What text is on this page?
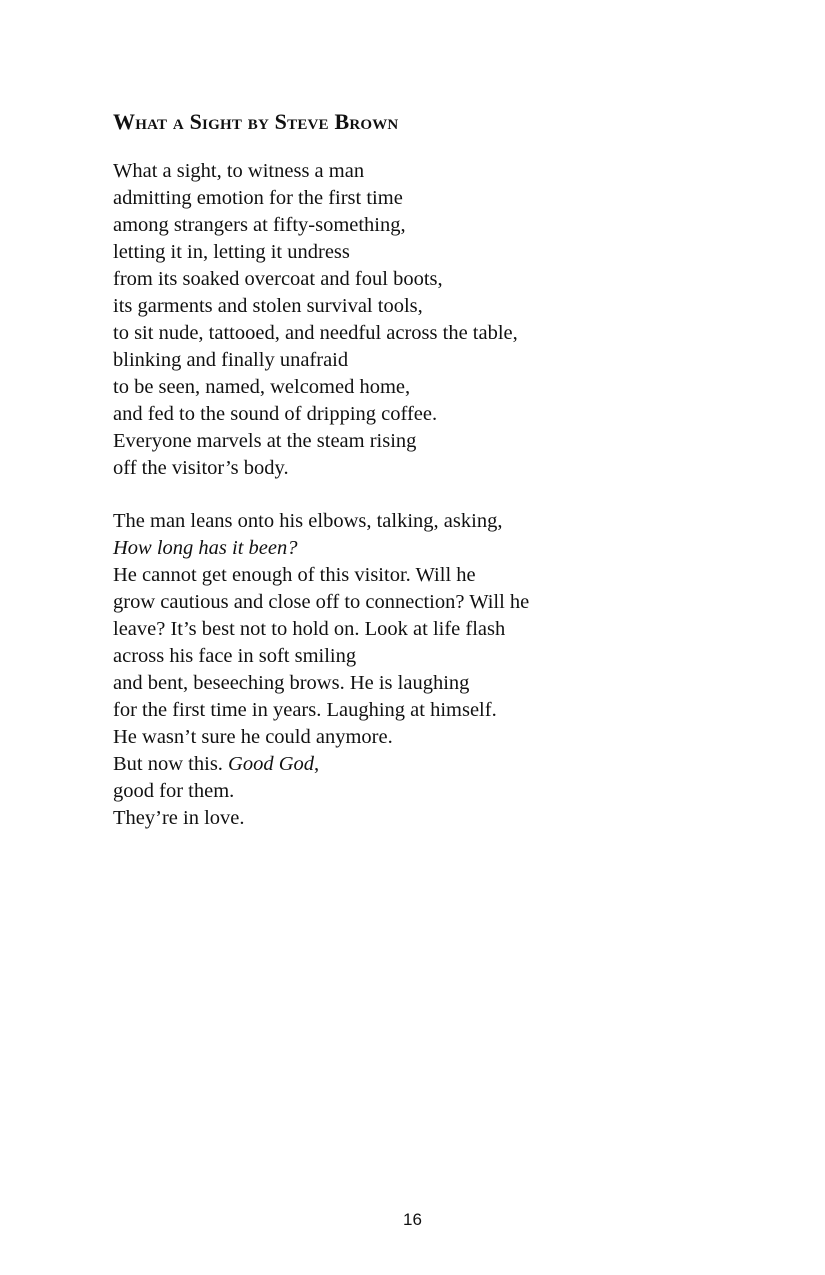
What a Sight by Steve Brown
What a sight, to witness a man
admitting emotion for the first time
among strangers at fifty-something,
letting it in, letting it undress
from its soaked overcoat and foul boots,
its garments and stolen survival tools,
to sit nude, tattooed, and needful across the table,
blinking and finally unafraid
to be seen, named, welcomed home,
and fed to the sound of dripping coffee.
Everyone marvels at the steam rising
off the visitor’s body.
The man leans onto his elbows, talking, asking,
How long has it been?
He cannot get enough of this visitor. Will he
grow cautious and close off to connection? Will he
leave? It’s best not to hold on. Look at life flash
across his face in soft smiling
and bent, beseeching brows. He is laughing
for the first time in years. Laughing at himself.
He wasn’t sure he could anymore.
But now this. Good God,
good for them.
They’re in love.
16
